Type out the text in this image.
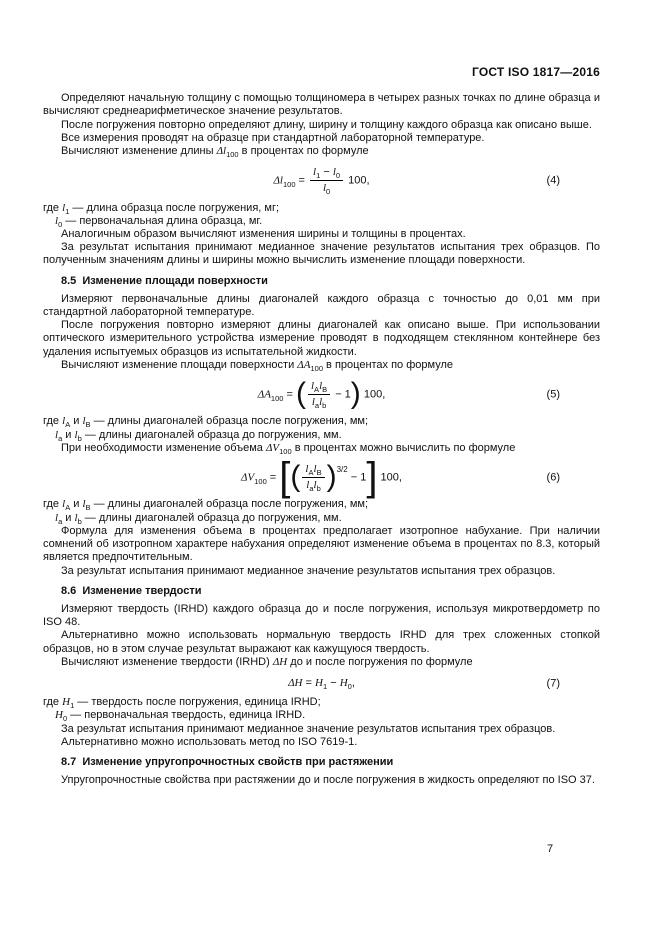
ГОСТ ISO 1817—2016
Определяют начальную толщину с помощью толщиномера в четырех разных точках по длине образца и вычисляют среднеарифметическое значение результатов.
После погружения повторно определяют длину, ширину и толщину каждого образца как описано выше.
Все измерения проводят на образце при стандартной лабораторной температуре.
Вычисляют изменение длины $\Delta l_{100}$ в процентах по формуле
$\Delta l_{100} = \frac{l_1 - l_0}{l_0} 100$,	(4)
где $l_1$ — длина образца после погружения, мг;
$l_0$ — первоначальная длина образца, мг.
Аналогичным образом вычисляют изменения ширины и толщины в процентах.
За результат испытания принимают медианное значение результатов испытания трех образцов. По полученным значениям длины и ширины можно вычислить изменение площади поверхности.
8.5  Изменение площади поверхности
Измеряют первоначальные длины диагоналей каждого образца с точностью до 0,01 мм при стандартной лабораторной температуре.
После погружения повторно измеряют длины диагоналей как описано выше. При использовании оптического измерительного устройства измерение проводят в подходящем стеклянном контейнере без удаления испытуемых образцов из испытательной жидкости.
Вычисляют изменение площади поверхности $\Delta A_{100}$ в процентах по формуле
$\Delta A_{100}$ = ( $\frac{l_Al_B}{l_al_b} - 1$) 100,	(5)
где $l_A$ и $l_B$ — длины диагоналей образца после погружения, мм;
$l_a$ и $l_b$ — длины диагоналей образца до погружения, мм.
При необходимости изменение объема $\Delta V_{100}$ в процентах можно вычислить по формуле
$\Delta V_{100}$ = [( $\frac{l_Al_B}{l_al_b} )^{3/2} - 1$] 100,	(6)
где $l_A$ и $l_B$ — длины диагоналей образца после погружения, мм;
$l_a$ и $l_b$ — длины диагоналей образца до погружения, мм.
Формула для изменения объема в процентах предполагает изотропное набухание. При наличии сомнений об изотропном характере набухания определяют изменение объема в процентах по 8.3, который является предпочтительным.
За результат испытания принимают медианное значение результатов испытания трех образцов.
8.6  Изменение твердости
Измеряют твердость (IRHD) каждого образца до и после погружения, используя микротвердометр по ISO 48.
Альтернативно можно использовать нормальную твердость IRHD для трех сложенных стопкой образцов, но в этом случае результат выражают как кажущуюся твердость.
Вычисляют изменение твердости (IRHD) ΔH до и после погружения по формуле
$\Delta H = H_1 - H_0$,	(7)
где $H_1$ — твердость после погружения, единица IRHD;
$H_0$ — первоначальная твердость, единица IRHD.
За результат испытания принимают медианное значение результатов испытания трех образцов.
Альтернативно можно использовать метод по ISO 7619-1.
8.7  Изменение упругопрочностных свойств при растяжении
Упругопрочностные свойства при растяжении до и после погружения в жидкость определяют по ISO 37.
7
